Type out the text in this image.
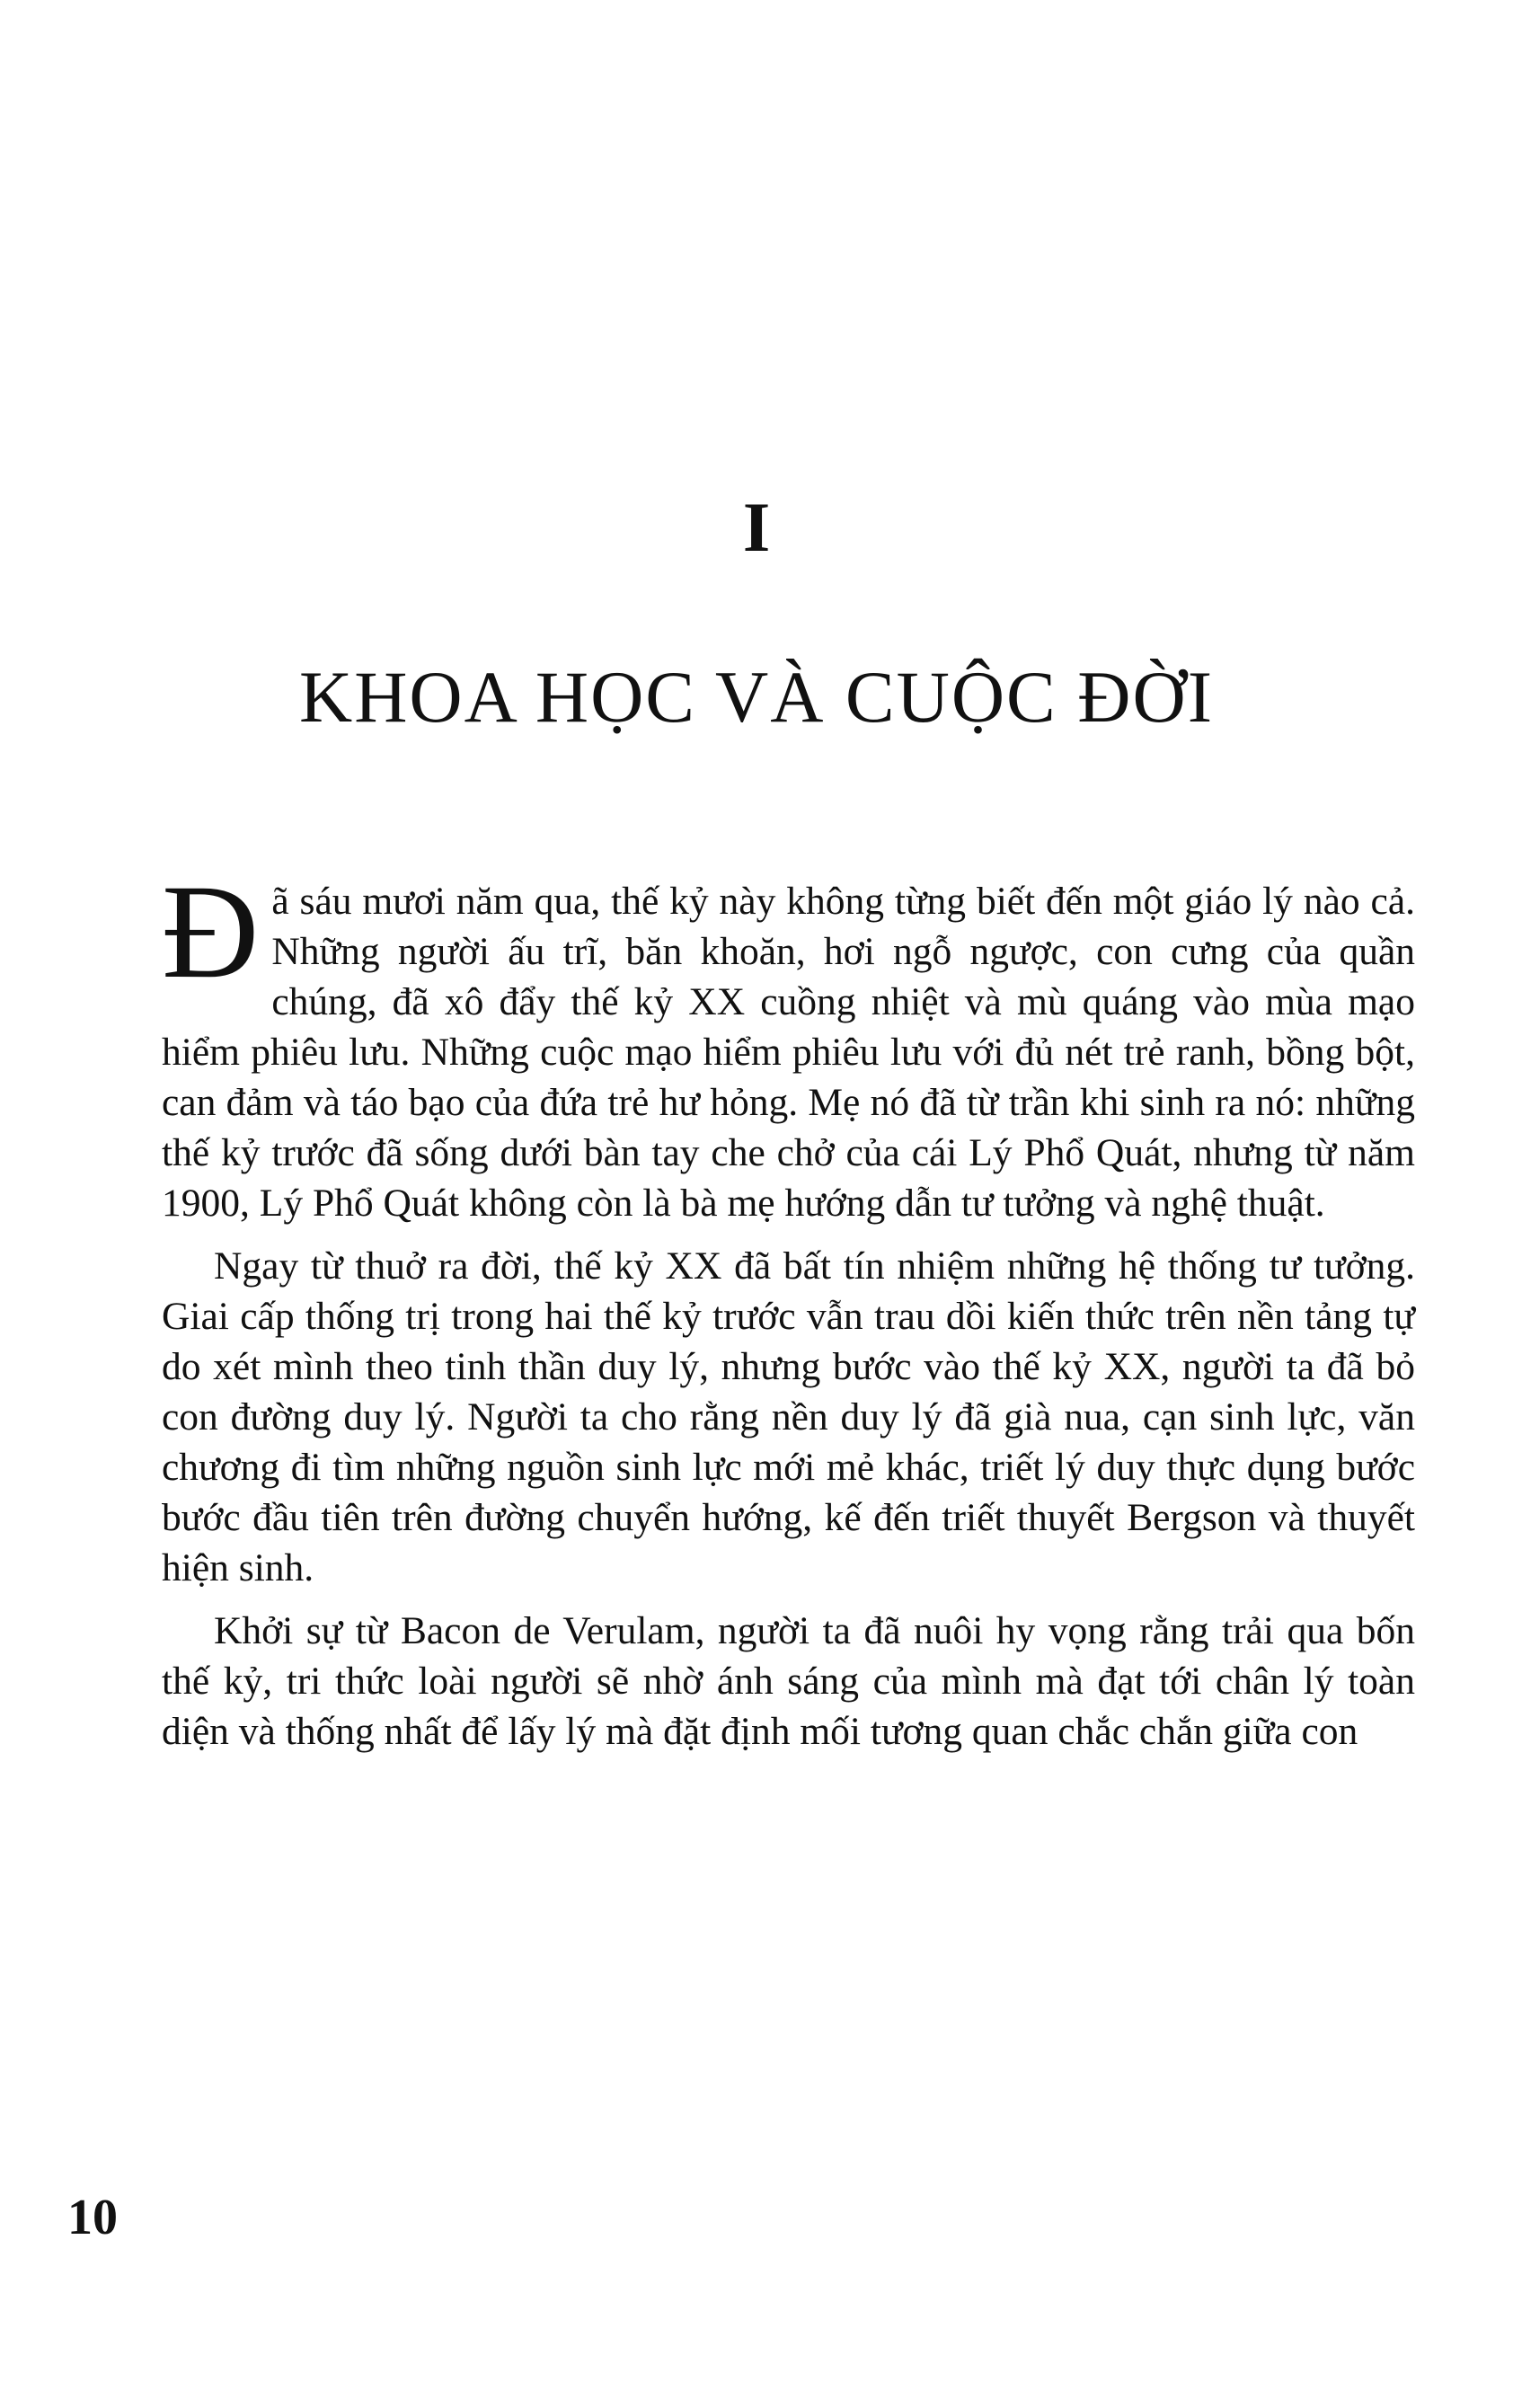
I
KHOA HỌC VÀ CUỘC ĐỜI

Đã sáu mươi năm qua, thế kỷ này không từng biết đến một giáo lý nào cả. Những người ấu trĩ, băn khoăn, hơi ngỗ ngược, con cưng của quần chúng, đã xô đẩy thế kỷ XX cuồng nhiệt và mù quáng vào mùa mạo hiểm phiêu lưu. Những cuộc mạo hiểm phiêu lưu với đủ nét trẻ ranh, bồng bột, can đảm và táo bạo của đứa trẻ hư hỏng. Mẹ nó đã từ trần khi sinh ra nó: những thế kỷ trước đã sống dưới bàn tay che chở của cái Lý Phổ Quát, nhưng từ năm 1900, Lý Phổ Quát không còn là bà mẹ hướng dẫn tư tưởng và nghệ thuật.

Ngay từ thuở ra đời, thế kỷ XX đã bất tín nhiệm những hệ thống tư tưởng. Giai cấp thống trị trong hai thế kỷ trước vẫn trau dồi kiến thức trên nền tảng tự do xét mình theo tinh thần duy lý, nhưng bước vào thế kỷ XX, người ta đã bỏ con đường duy lý. Người ta cho rằng nền duy lý đã già nua, cạn sinh lực, văn chương đi tìm những nguồn sinh lực mới mẻ khác, triết lý duy thực dụng bước bước đầu tiên trên đường chuyển hướng, kế đến triết thuyết Bergson và thuyết hiện sinh.

Khởi sự từ Bacon de Verulam, người ta đã nuôi hy vọng rằng trải qua bốn thế kỷ, tri thức loài người sẽ nhờ ánh sáng của mình mà đạt tới chân lý toàn diện và thống nhất để lấy lý mà đặt định mối tương quan chắc chắn giữa con

10
